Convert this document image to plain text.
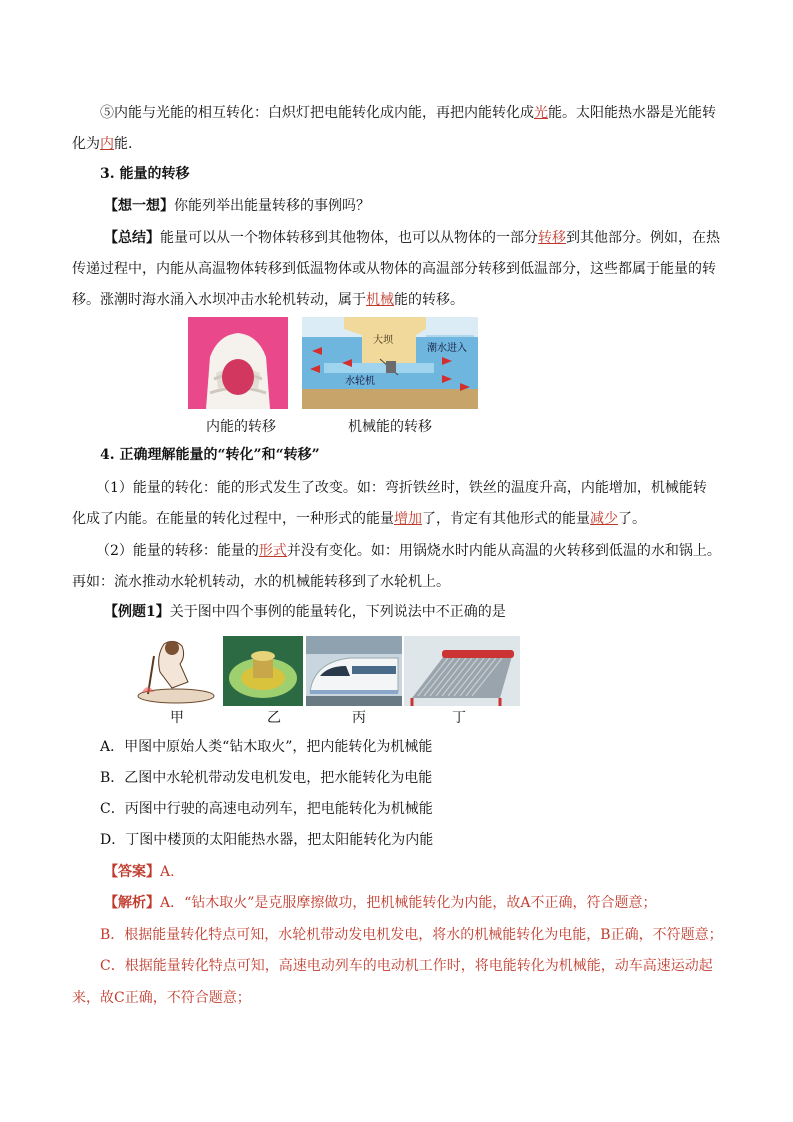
⑤内能与光能的相互转化：白炽灯把电能转化成内能，再把内能转化成光能。太阳能热水器是光能转
化为内能.
3. 能量的转移
【想一想】你能列举出能量转移的事例吗？
【总结】能量可以从一个物体转移到其他物体，也可以从物体的一部分转移到其他部分。例如，在热
传递过程中，内能从高温物体转移到低温物体或从物体的高温部分转移到低温部分，这些都属于能量的转
移。涨潮时海水涌入水坝冲击水轮机转动，属于机械能的转移。
大坝
潮水进入
水轮机
内能的转移	机械能的转移
4. 正确理解能量的“转化”和“转移”
（1）能量的转化：能的形式发生了改变。如：弯折铁丝时，铁丝的温度升高，内能增加，机械能转
化成了内能。在能量的转化过程中，一种形式的能量增加了，肯定有其他形式的能量减少了。
（2）能量的转移：能量的形式并没有变化。如：用锅烧水时内能从高温的火转移到低温的水和锅上。
再如：流水推动水轮机转动，水的机械能转移到了水轮机上。
【例题1】关于图中四个事例的能量转化，下列说法中不正确的是
甲	乙	丙	丁
A．甲图中原始人类“钻木取火”，把内能转化为机械能
B．乙图中水轮机带动发电机发电，把水能转化为电能
C．丙图中行驶的高速电动列车，把电能转化为机械能
D．丁图中楼顶的太阳能热水器，把太阳能转化为内能
【答案】A.
【解析】A．“钻木取火”是克服摩擦做功，把机械能转化为内能，故A不正确，符合题意；
B．根据能量转化特点可知，水轮机带动发电机发电，将水的机械能转化为电能，B正确，不符题意；
C．根据能量转化特点可知，高速电动列车的电动机工作时，将电能转化为机械能，动车高速运动起
来，故C正确，不符合题意；
